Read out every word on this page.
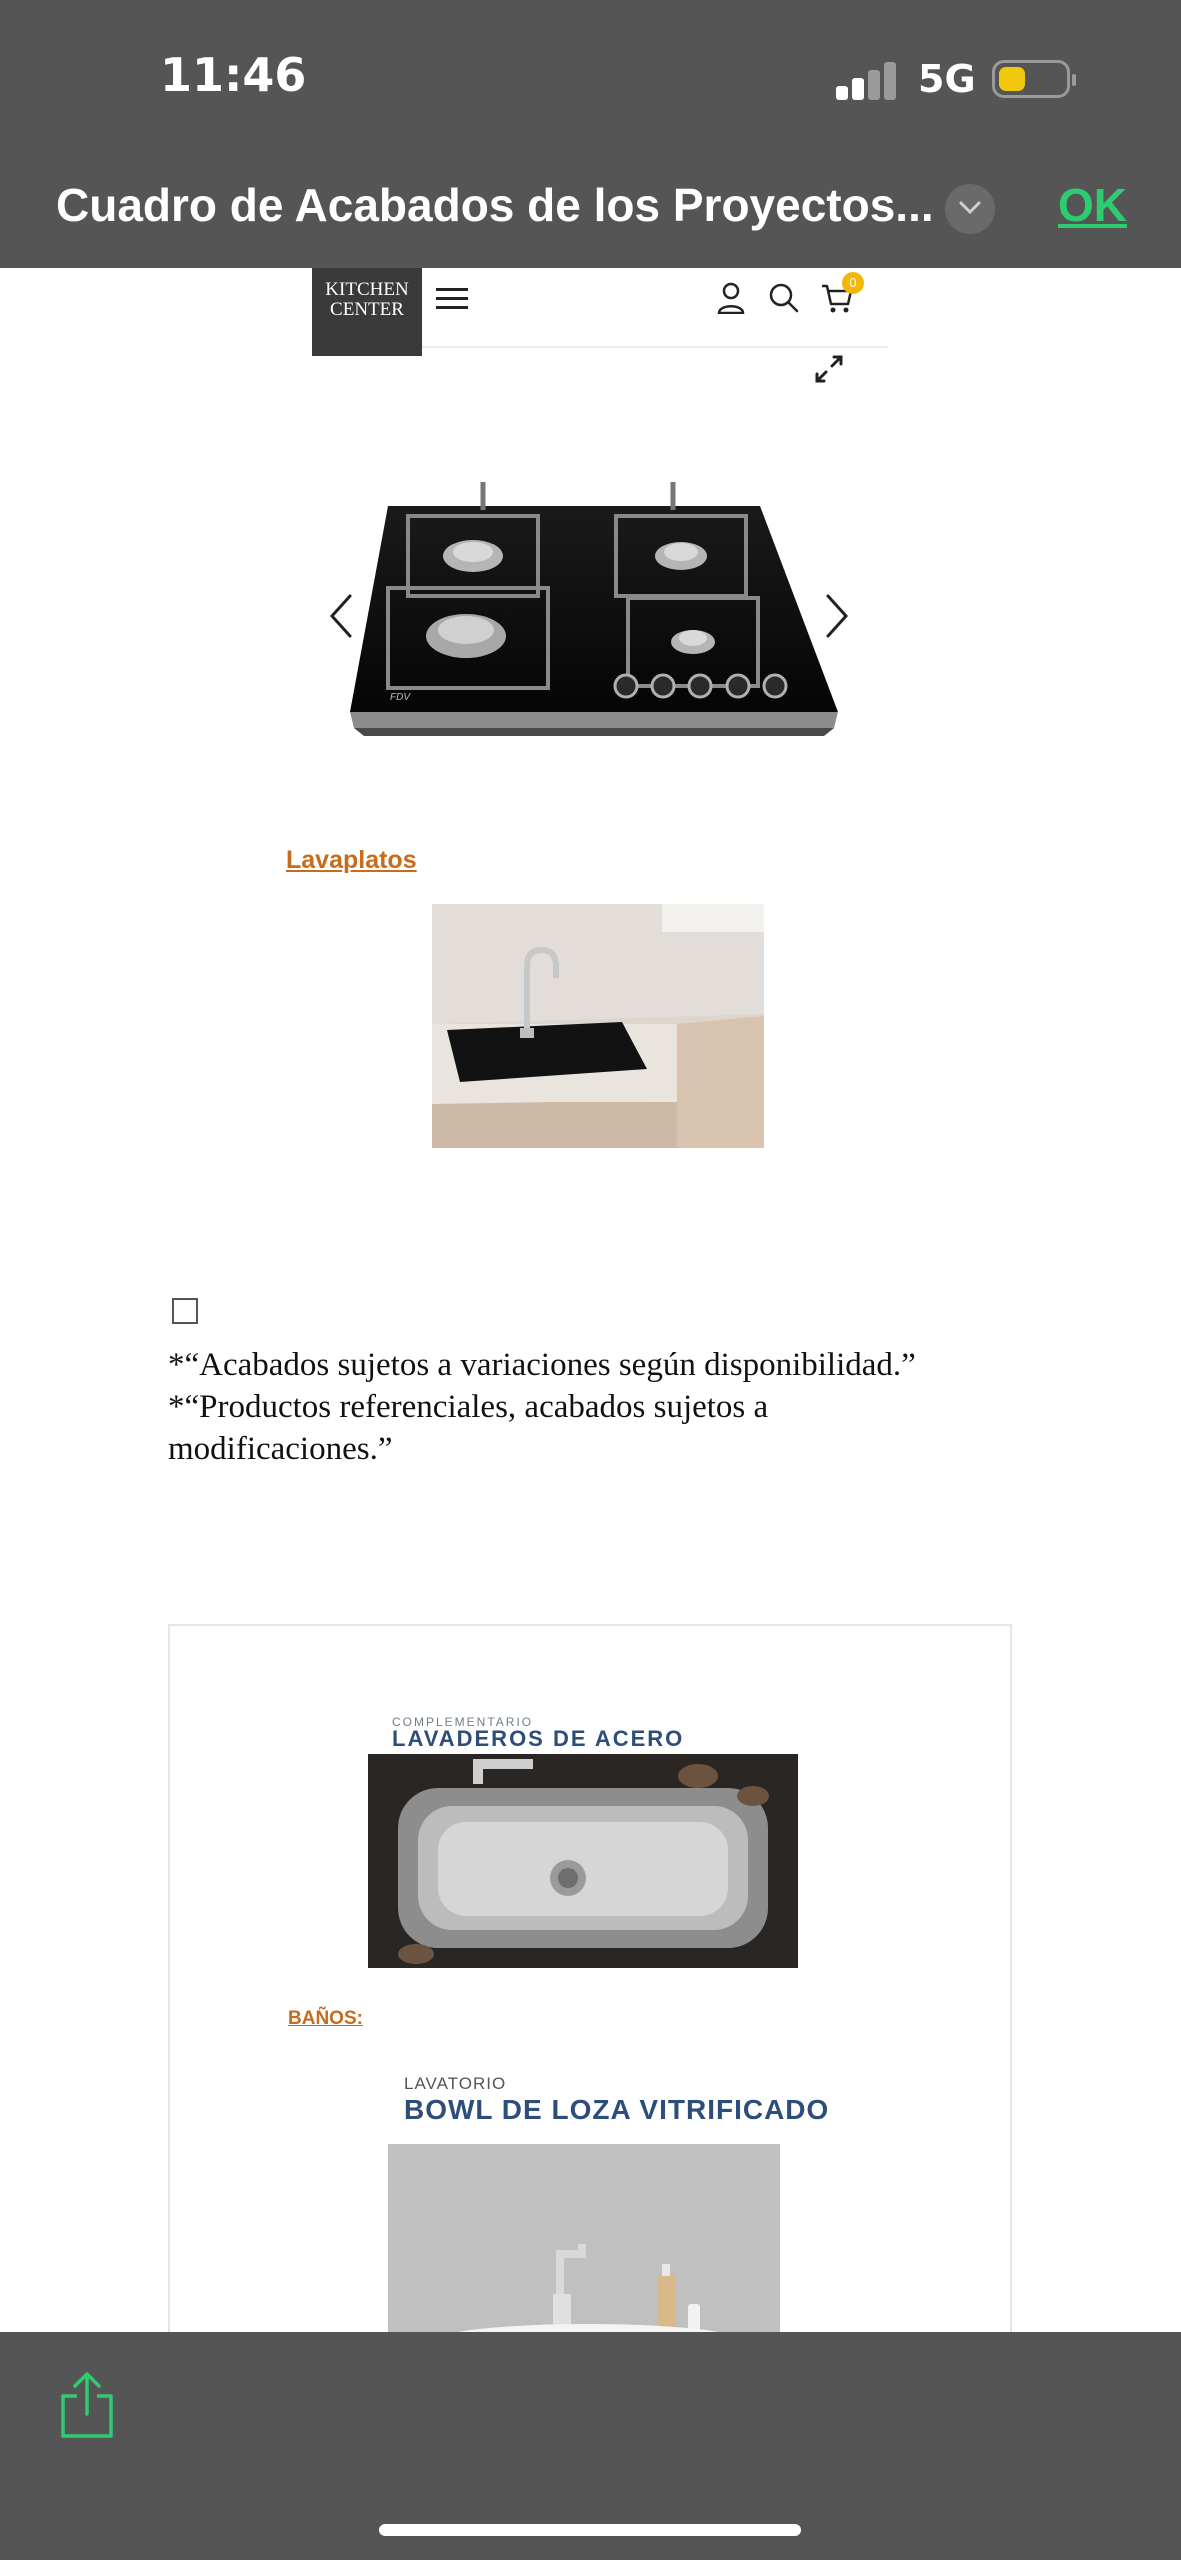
11:46	5G
Cuadro de Acabados de los Proyectos...	OK
KITCHEN
CENTER
0
FDV
Lavaplatos
*“Acabados sujetos a variaciones según disponibilidad.”
*“Productos referenciales, acabados sujetos a
modificaciones.”
COMPLEMENTARIO
LAVADEROS DE ACERO
BAÑOS:
LAVATORIO
BOWL DE LOZA VITRIFICADO
